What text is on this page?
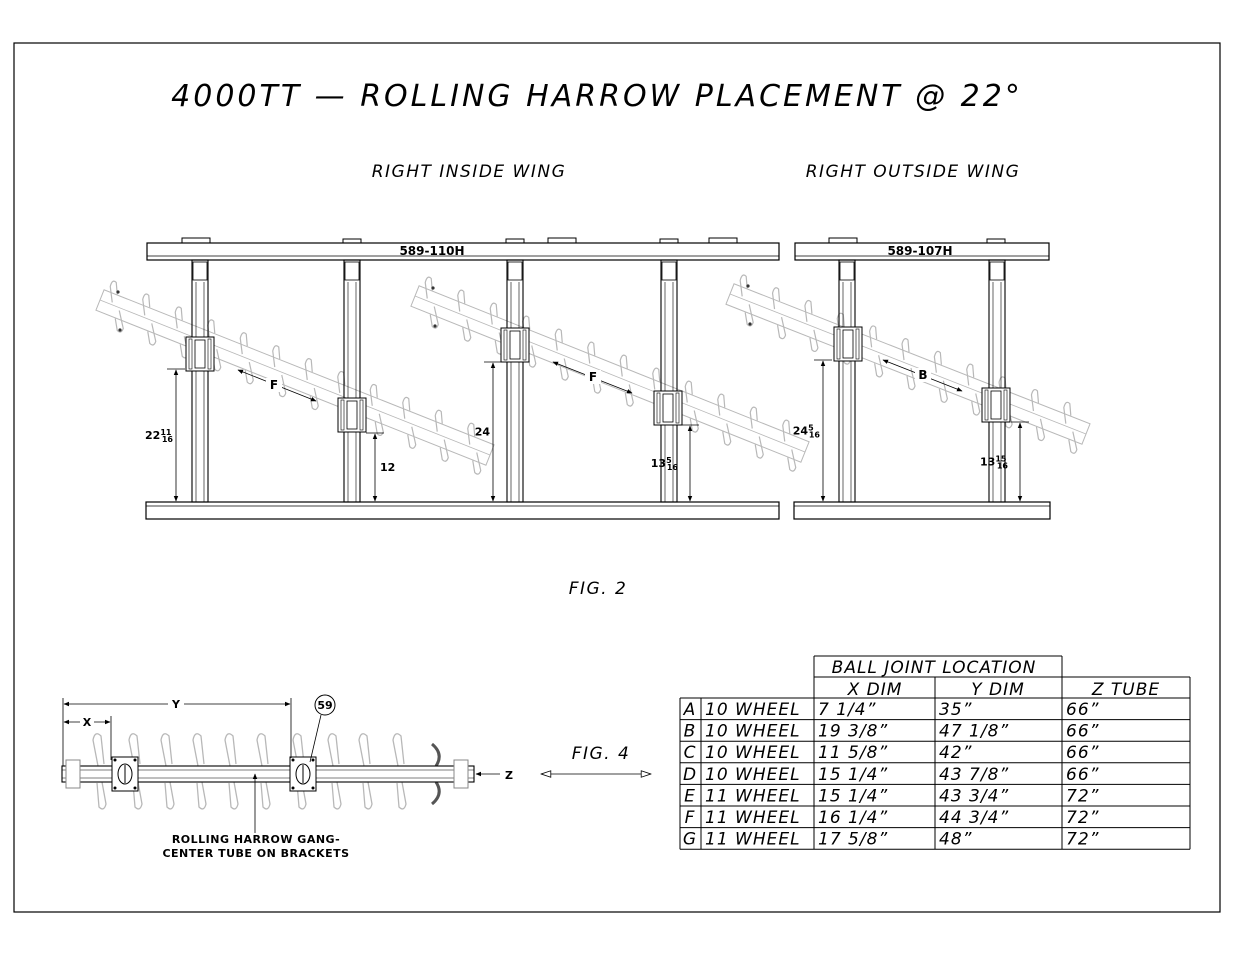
4000TT — ROLLING HARROW PLACEMENT @ 22°
RIGHT INSIDE WING	RIGHT OUTSIDE WING
589-110H	589-107H
$22^{11}$ 16
12
24
$13^5$ 16
$24^5$ 16
$13^{15}$ 16
F
F	B
FIG. 2
Y
X
Z
59
ROLLING HARROW GANG-
CENTER TUBE ON BRACKETS
FIG. 4
BALL JOINT LOCATION
X DIM	Y DIM	Z TUBE
A 10 WHEEL 7 1/4”	35”	66”
B 10 WHEEL 19 3/8”	47 1/8”	66”
C 10 WHEEL 11 5/8”	42”	66”
D 10 WHEEL 15 1/4”	43 7/8”	66”
E 11 WHEEL 15 1/4”	43 3/4”	72”
F 11 WHEEL 16 1/4”	44 3/4”	72”
G 11 WHEEL 17 5/8”	48”	72”
